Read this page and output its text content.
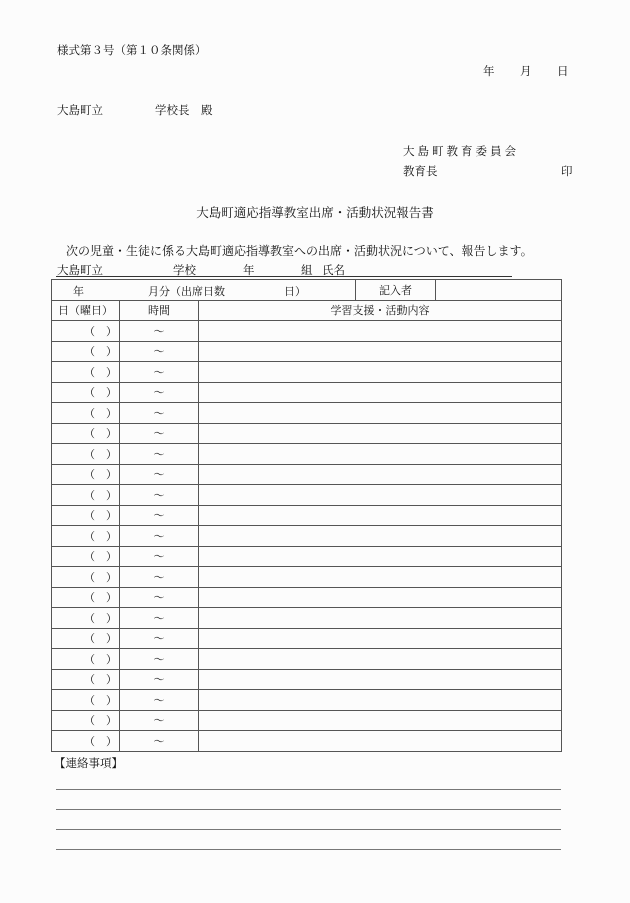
様式第３号（第１０条関係）
年 月 日
大島町立	学校長　殿
大島町教育委員会
教育長	印
大島町適応指導教室出席・活動状況報告書
次の児童・生徒に係る大島町適応指導教室への出席・活動状況について、報告します。
大島町立	学校	年	組 氏名
年 月分（出席日数 日）			記入者	
日（曜日）	時間	学習支援・活動内容		
（　）	～			
（　）	～			
（　）	～			
（　）	～			
（　）	～			
（　）	～			
（　）	～			
（　）	～			
（　）	～			
（　）	～			
（　）	～			
（　）	～			
（　）	～			
（　）	～			
（　）	～			
（　）	～			
（　）	～			
（　）	～			
（　）	～			
（　）	～			
（　）	～			
【連絡事項】
